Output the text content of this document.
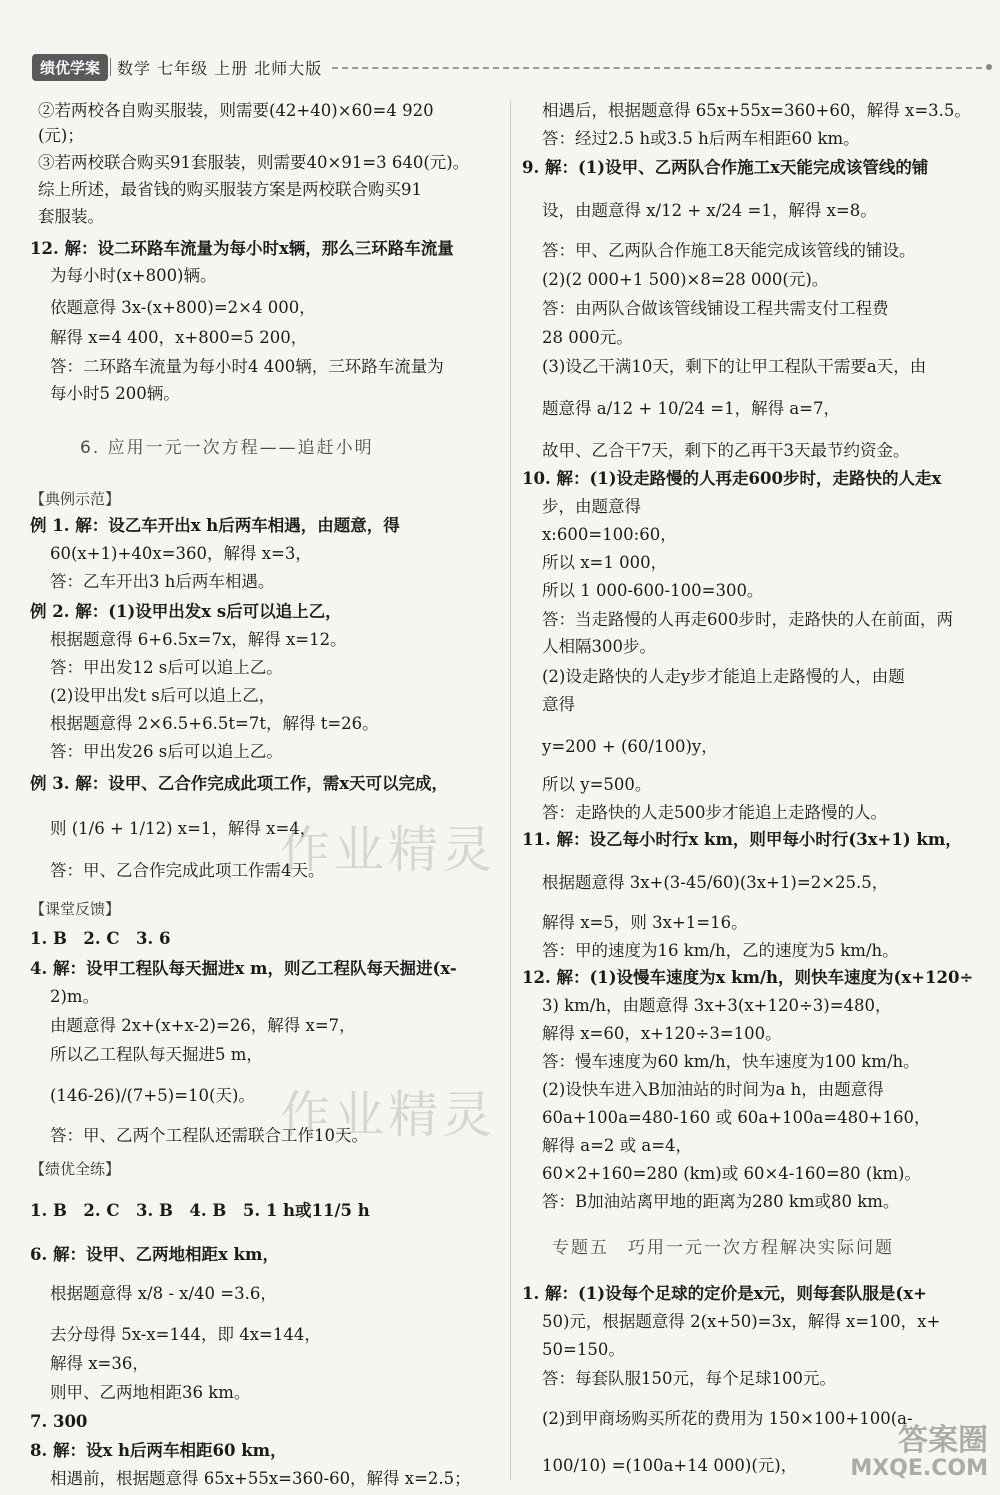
绩优学案	数学 七年级 上册 北师大版
②若两校各自购买服装，则需要(42+40)×60=4 920
(元)；
③若两校联合购买91套服装，则需要40×91=3 640(元)。
综上所述，最省钱的购买服装方案是两校联合购买91
套服装。
12. 解：设二环路车流量为每小时x辆，那么三环路车流量
为每小时(x+800)辆。
依题意得 3x-(x+800)=2×4 000，
解得 x=4 400，x+800=5 200，
答：二环路车流量为每小时4 400辆，三环路车流量为
每小时5 200辆。
6. 应用一元一次方程——追赶小明
【典例示范】
例 1. 解：设乙车开出x h后两车相遇，由题意，得
60(x+1)+40x=360，解得 x=3，
答：乙车开出3 h后两车相遇。
例 2. 解：(1)设甲出发x s后可以追上乙，
根据题意得 6+6.5x=7x，解得 x=12。
答：甲出发12 s后可以追上乙。
(2)设甲出发t s后可以追上乙，
根据题意得 2×6.5+6.5t=7t，解得 t=26。
答：甲出发26 s后可以追上乙。
例 3. 解：设甲、乙合作完成此项工作，需x天可以完成，
则 (1/6 + 1/12) x=1，解得 x=4，
答：甲、乙合作完成此项工作需4天。
【课堂反馈】
1. B　2. C　3. 6
4. 解：设甲工程队每天掘进x m，则乙工程队每天掘进(x-
2)m。
由题意得 2x+(x+x-2)=26，解得 x=7，
所以乙工程队每天掘进5 m，
(146-26)/(7+5)=10(天)。
答：甲、乙两个工程队还需联合工作10天。
【绩优全练】
1. B　2. C　3. B　4. B　5. 1 h或11/5 h
6. 解：设甲、乙两地相距x km，
根据题意得 x/8 - x/40 =3.6，
去分母得 5x-x=144，即 4x=144，
解得 x=36，
则甲、乙两地相距36 km。
7. 300
8. 解：设x h后两车相距60 km，
相遇前，根据题意得 65x+55x=360-60，解得 x=2.5；
相遇后，根据题意得 65x+55x=360+60，解得 x=3.5。
答：经过2.5 h或3.5 h后两车相距60 km。
9. 解：(1)设甲、乙两队合作施工x天能完成该管线的铺
设，由题意得 x/12 + x/24 =1，解得 x=8。
答：甲、乙两队合作施工8天能完成该管线的铺设。
(2)(2 000+1 500)×8=28 000(元)。
答：由两队合做该管线铺设工程共需支付工程费
28 000元。
(3)设乙干满10天，剩下的让甲工程队干需要a天，由
题意得 a/12 + 10/24 =1，解得 a=7，
故甲、乙合干7天，剩下的乙再干3天最节约资金。
10. 解：(1)设走路慢的人再走600步时，走路快的人走x
步，由题意得
x:600=100:60，
所以 x=1 000，
所以 1 000-600-100=300。
答：当走路慢的人再走600步时，走路快的人在前面，两
人相隔300步。
(2)设走路快的人走y步才能追上走路慢的人，由题
意得
y=200 + (60/100)y，
所以 y=500。
答：走路快的人走500步才能追上走路慢的人。
11. 解：设乙每小时行x km，则甲每小时行(3x+1) km，
根据题意得 3x+(3-45/60)(3x+1)=2×25.5，
解得 x=5，则 3x+1=16。
答：甲的速度为16 km/h，乙的速度为5 km/h。
12. 解：(1)设慢车速度为x km/h，则快车速度为(x+120÷
3) km/h，由题意得 3x+3(x+120÷3)=480，
解得 x=60，x+120÷3=100。
答：慢车速度为60 km/h，快车速度为100 km/h。
(2)设快车进入B加油站的时间为a h，由题意得
60a+100a=480-160 或 60a+100a=480+160，
解得 a=2 或 a=4，
60×2+160=280 (km)或 60×4-160=80 (km)。
答：B加油站离甲地的距离为280 km或80 km。
专题五　巧用一元一次方程解决实际问题
1. 解：(1)设每个足球的定价是x元，则每套队服是(x+
50)元，根据题意得 2(x+50)=3x，解得 x=100，x+
50=150。
答：每套队服150元，每个足球100元。
(2)到甲商场购买所花的费用为 150×100+100(a-
100/10) =(100a+14 000)(元)，
作业精灵
作业精灵
答案圈
MXQE.COM
